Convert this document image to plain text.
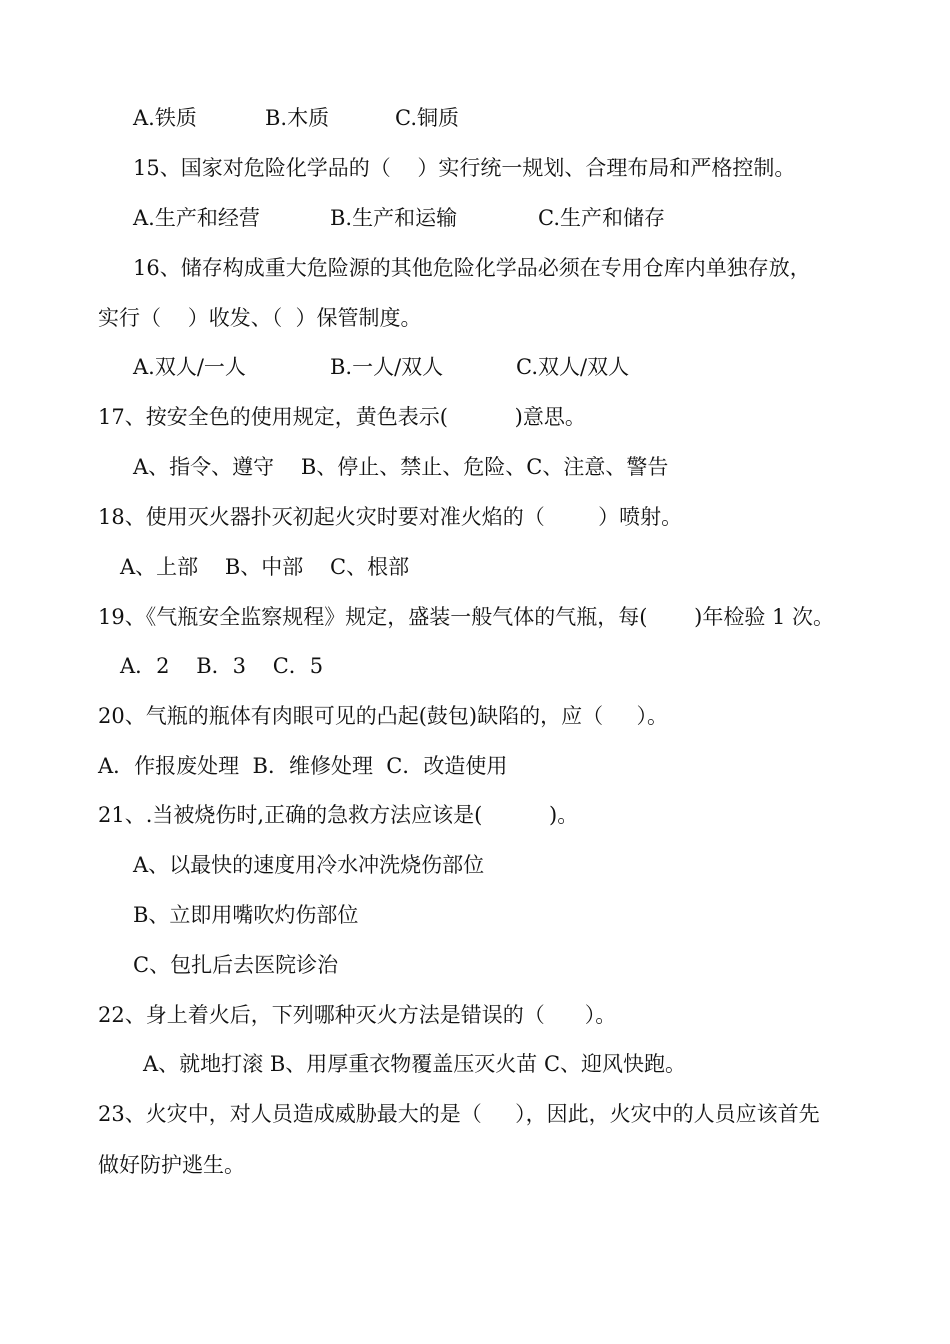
A.铁质	B.木质	C.铜质
15、国家对危险化学品的（    ）实行统一规划、合理布局和严格控制。
A.生产和经营	B.生产和运输	C.生产和储存
16、储存构成重大危险源的其他危险化学品必须在专用仓库内单独存放，
实行（    ）收发、（  ）保管制度。
A.双人/一人	B.一人/双人	C.双人/双人
17、按安全色的使用规定，黄色表示(          )意思。
A、指令、遵守    B、停止、禁止、危险、C、注意、警告
18、使用灭火器扑灭初起火灾时要对准火焰的（        ）喷射。
A、上部    B、中部    C、根部
19、《气瓶安全监察规程》规定，盛装一般气体的气瓶，每(       )年检验 1 次。
A．2    B．3    C．5
20、气瓶的瓶体有肉眼可见的凸起(鼓包)缺陷的，应（     ）。
A．作报废处理  B．维修处理  C．改造使用
21、.当被烧伤时,正确的急救方法应该是(          )。
A、以最快的速度用冷水冲洗烧伤部位
B、立即用嘴吹灼伤部位
C、包扎后去医院诊治
22、身上着火后，下列哪种灭火方法是错误的（      ）。
A、就地打滚 B、用厚重衣物覆盖压灭火苗 C、迎风快跑。
23、火灾中，对人员造成威胁最大的是（     ），因此，火灾中的人员应该首先
做好防护逃生。
